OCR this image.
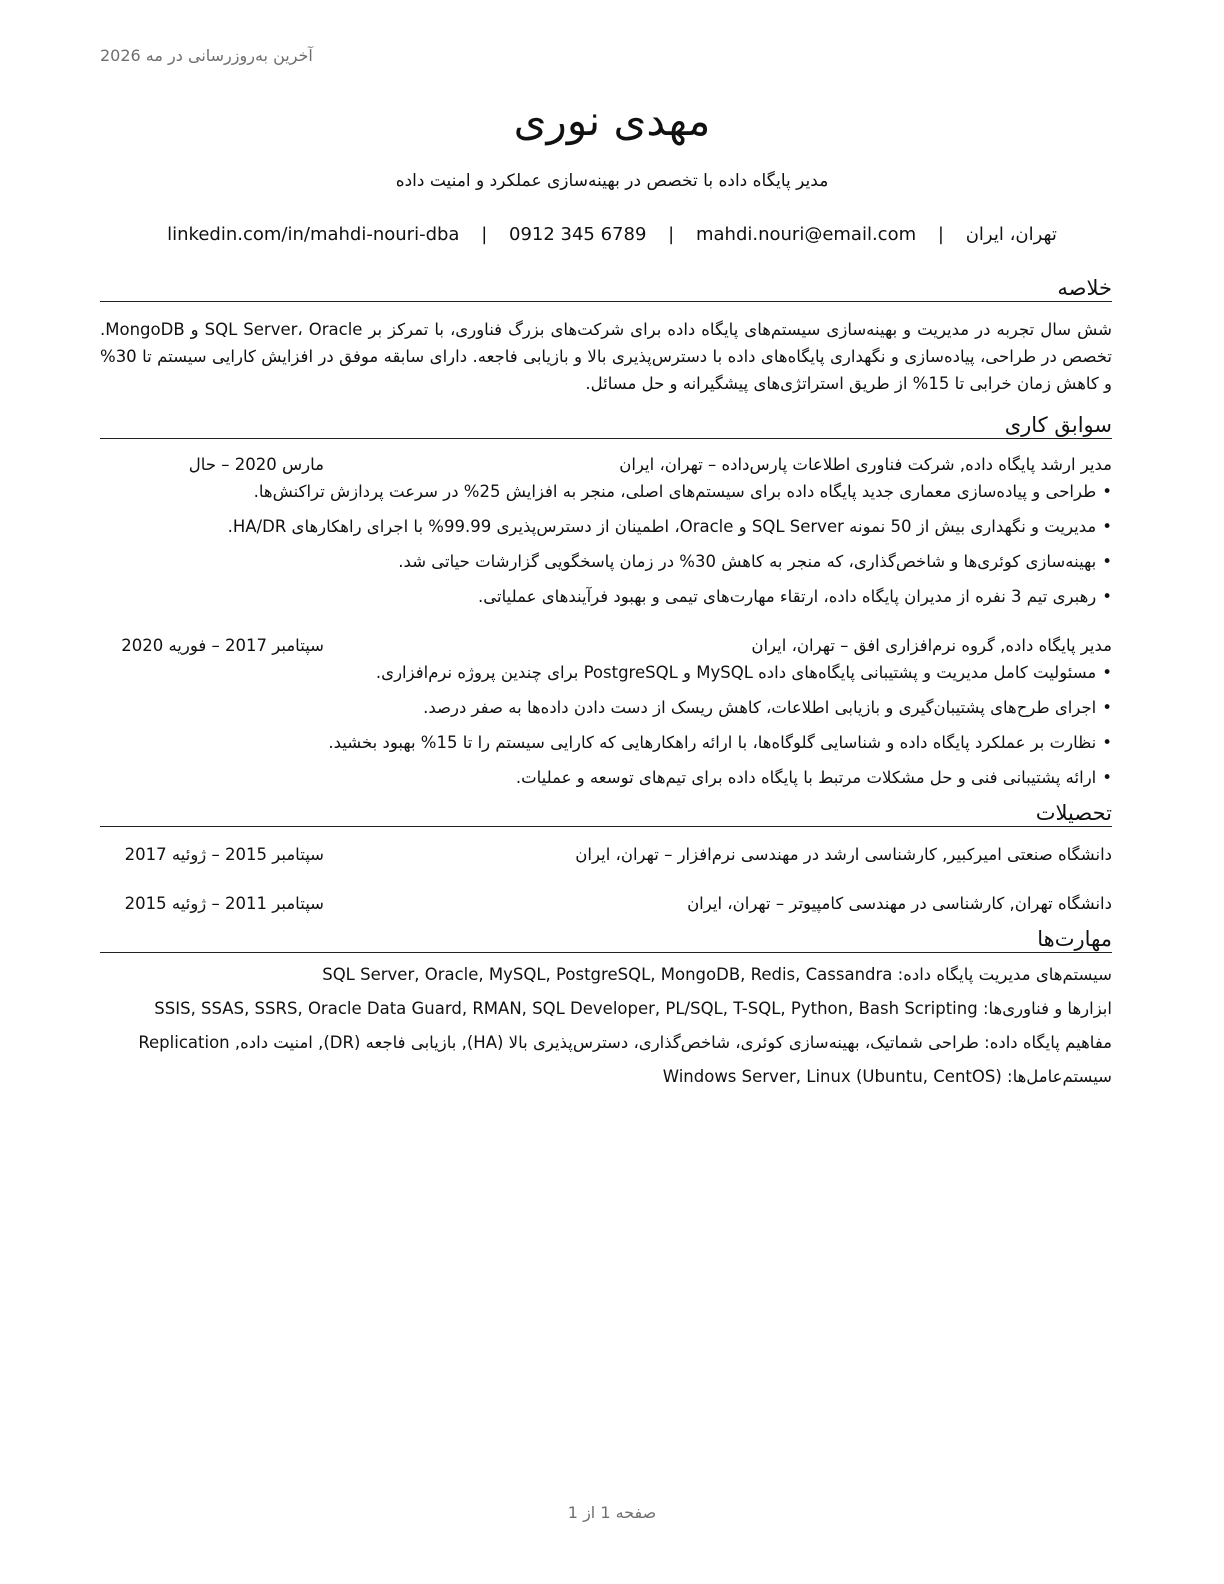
آخرین به‌روزرسانی در مه 2026
مهدی نوری
مدیر پایگاه داده با تخصص در بهینه‌سازی عملکرد و امنیت داده
تهران، ایران | mahdi.nouri@email.com | 0912 345 6789 | linkedin.com/in/mahdi-nouri-dba
خلاصه

شش سال تجربه در مدیریت و بهینه‌سازی سیستم‌های پایگاه داده برای شرکت‌های بزرگ فناوری، با تمرکز بر SQL Server، Oracle و MongoDB. تخصص در طراحی، پیاده‌سازی و نگهداری پایگاه‌های داده با دسترس‌پذیری بالا و بازیابی فاجعه. دارای سابقه موفق در افزایش کارایی سیستم تا 30% و کاهش زمان خرابی تا 15% از طریق استراتژی‌های پیشگیرانه و حل مسائل.

سوابق کاری
مدیر ارشد پایگاه داده, شرکت فناوری اطلاعات پارس‌داده – تهران، ایران
مارس 2020 – حال
•طراحی و پیاده‌سازی معماری جدید پایگاه داده برای سیستم‌های اصلی، منجر به افزایش 25% در سرعت پردازش تراکنش‌ها.
•مدیریت و نگهداری بیش از 50 نمونه SQL Server و Oracle، اطمینان از دسترس‌پذیری 99.99% با اجرای راهکارهای HA/DR.
•بهینه‌سازی کوئری‌ها و شاخص‌گذاری، که منجر به کاهش 30% در زمان پاسخگویی گزارشات حیاتی شد.
•رهبری تیم 3 نفره از مدیران پایگاه داده، ارتقاء مهارت‌های تیمی و بهبود فرآیندهای عملیاتی.
مدیر پایگاه داده, گروه نرم‌افزاری افق – تهران، ایران
سپتامبر 2017 – فوریه 2020
•مسئولیت کامل مدیریت و پشتیبانی پایگاه‌های داده MySQL و PostgreSQL برای چندین پروژه نرم‌افزاری.
•اجرای طرح‌های پشتیبان‌گیری و بازیابی اطلاعات، کاهش ریسک از دست دادن داده‌ها به صفر درصد.
•نظارت بر عملکرد پایگاه داده و شناسایی گلوگاه‌ها، با ارائه راهکارهایی که کارایی سیستم را تا 15% بهبود بخشید.
•ارائه پشتیبانی فنی و حل مشکلات مرتبط با پایگاه داده برای تیم‌های توسعه و عملیات.
تحصیلات
دانشگاه صنعتی امیرکبیر, کارشناسی ارشد در مهندسی نرم‌افزار – تهران، ایران
سپتامبر 2015 – ژوئیه 2017
دانشگاه تهران, کارشناسی در مهندسی کامپیوتر – تهران، ایران
سپتامبر 2011 – ژوئیه 2015
مهارت‌ها
سیستم‌های مدیریت پایگاه داده: SQL Server, Oracle, MySQL, PostgreSQL, MongoDB, Redis, Cassandra
ابزارها و فناوری‌ها: SSIS, SSAS, SSRS, Oracle Data Guard, RMAN, SQL Developer, PL/SQL, T-SQL, Python, Bash Scripting
مفاهیم پایگاه داده: طراحی شماتیک، بهینه‌سازی کوئری، شاخص‌گذاری، دسترس‌پذیری بالا (HA), بازیابی فاجعه (DR), امنیت داده, Replication
سیستم‌عامل‌ها: Windows Server, Linux (Ubuntu, CentOS)
صفحه 1 از 1
